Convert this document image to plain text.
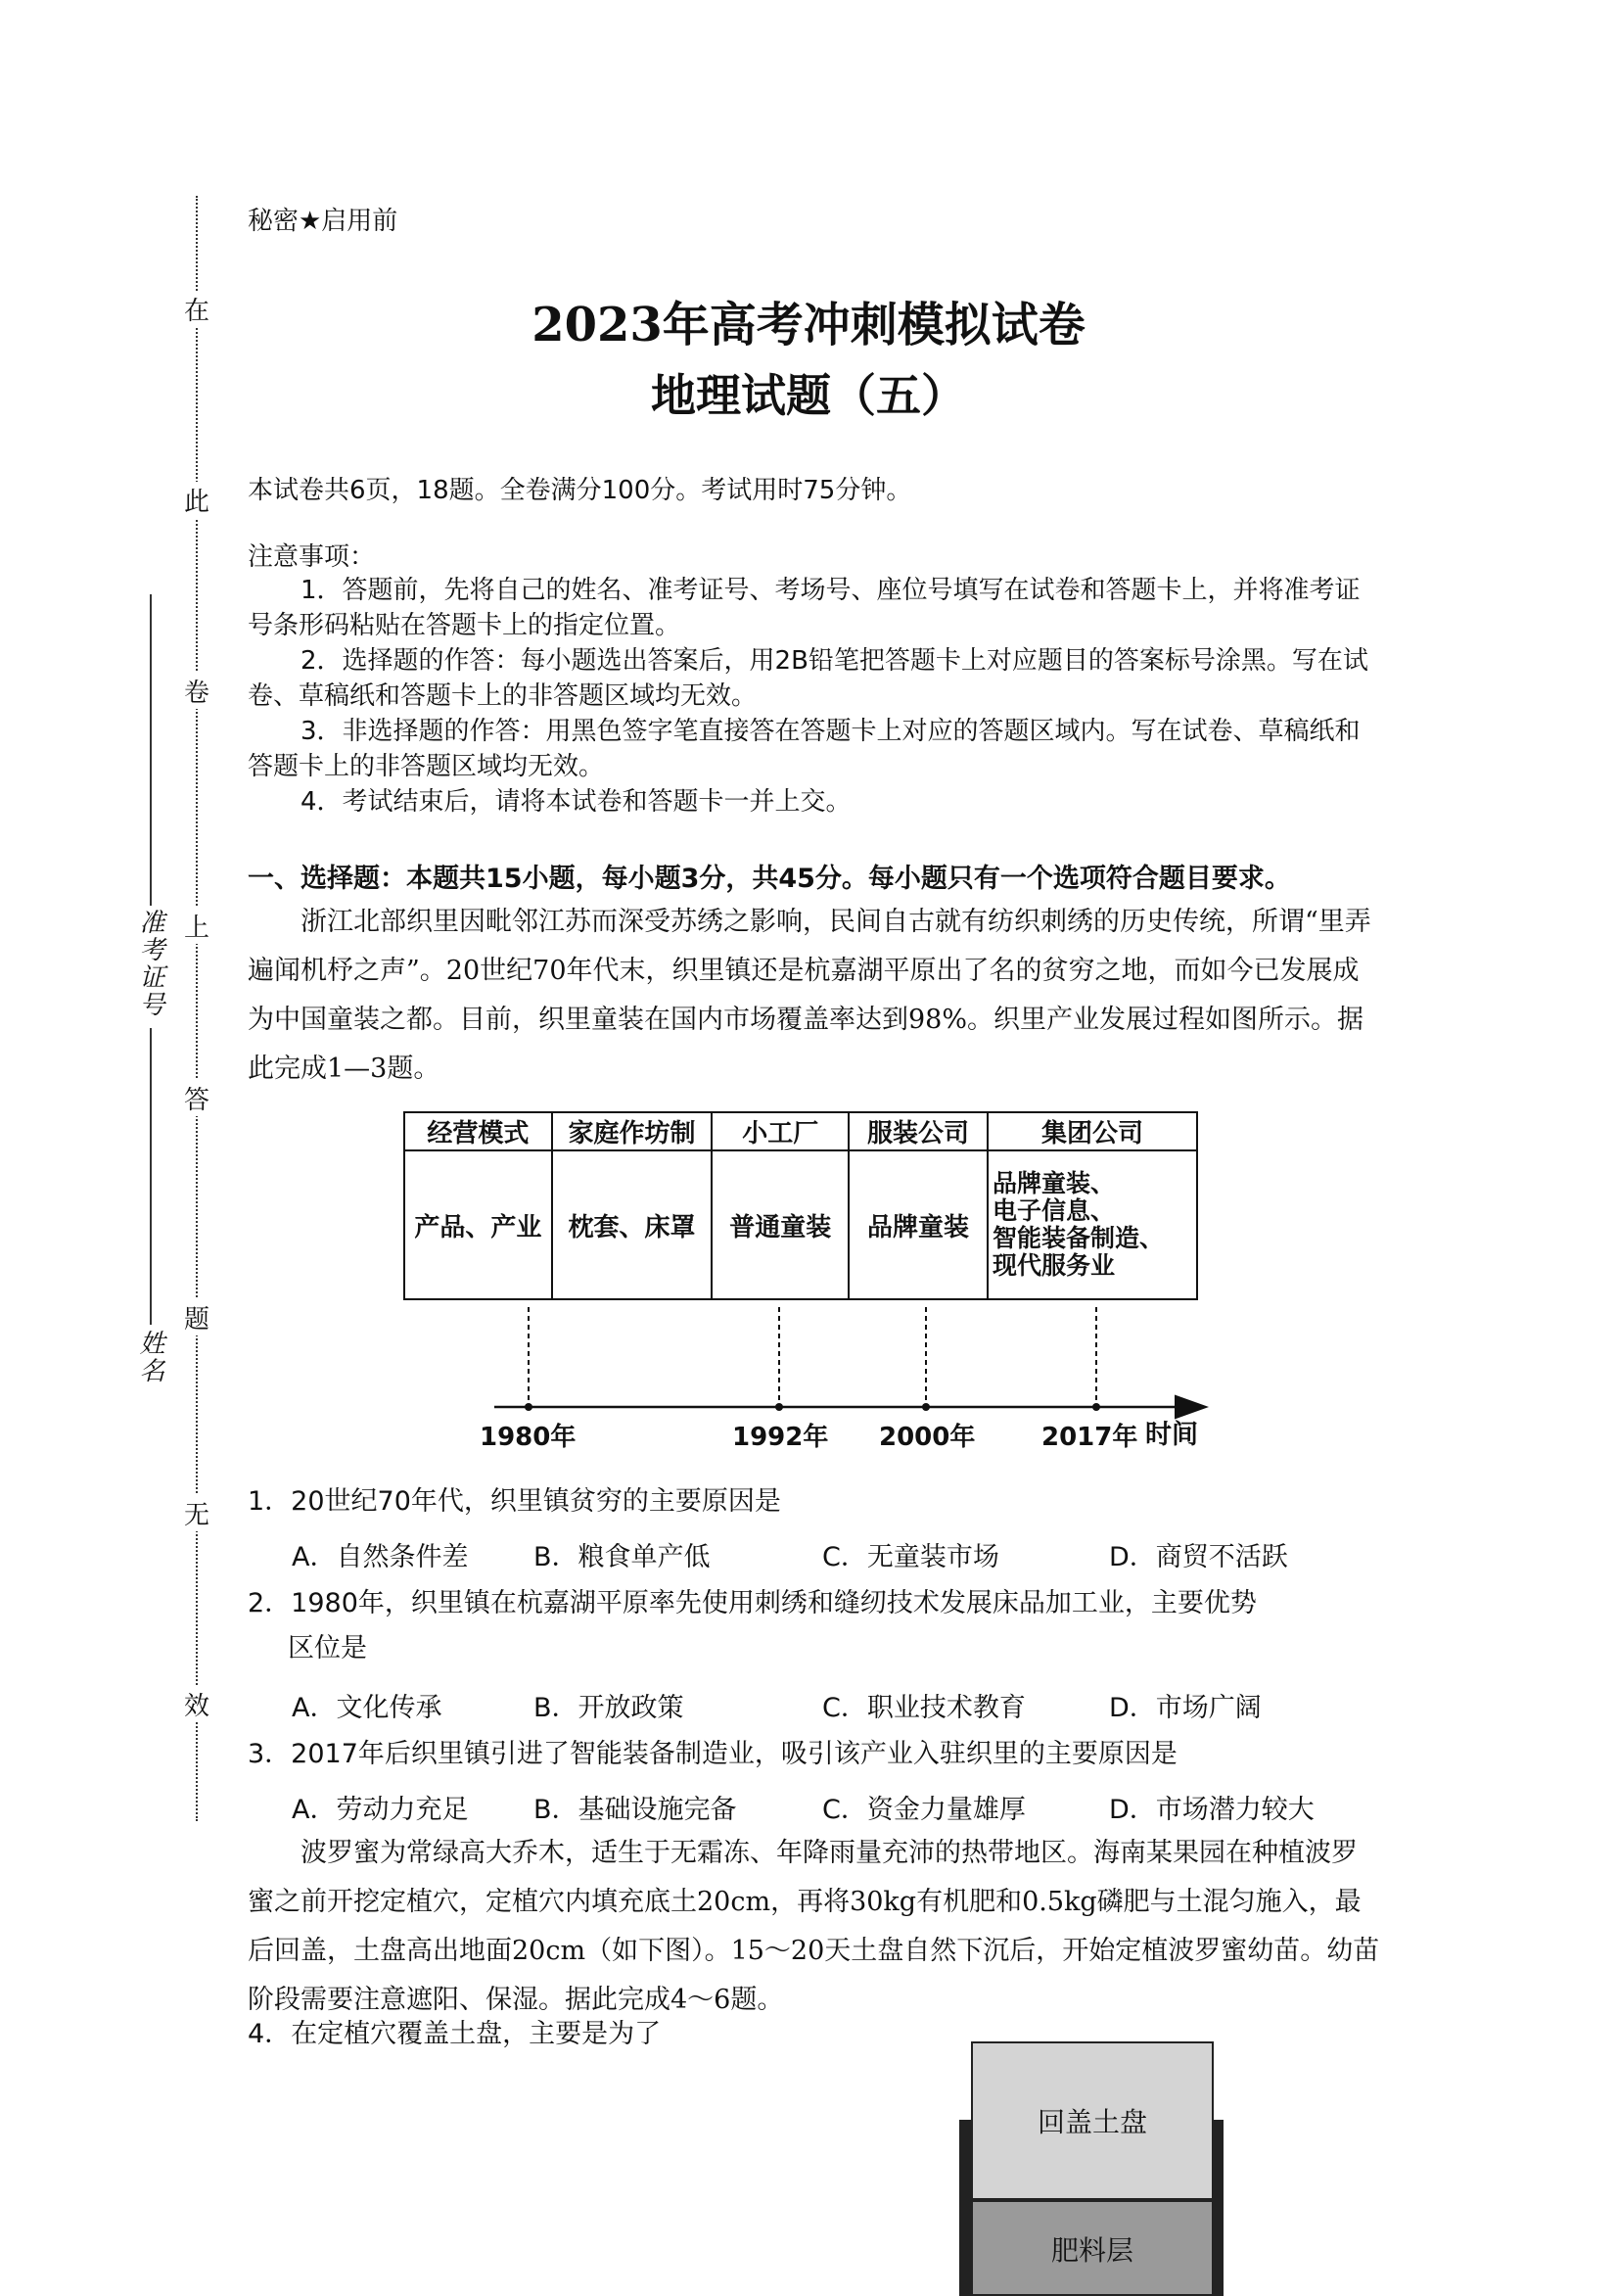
在
此
卷
上
答
题
无
效
准考证号
姓名
秘密★启用前
2023年高考冲刺模拟试卷
地理试题（五）
本试卷共6页，18题。全卷满分100分。考试用时75分钟。
注意事项：

1．答题前，先将自己的姓名、准考证号、考场号、座位号填写在试卷和答题卡上，并将准考证号条形码粘贴在答题卡上的指定位置。

2．选择题的作答：每小题选出答案后，用2B铅笔把答题卡上对应题目的答案标号涂黑。写在试卷、草稿纸和答题卡上的非答题区域均无效。

3．非选择题的作答：用黑色签字笔直接答在答题卡上对应的答题区域内。写在试卷、草稿纸和答题卡上的非答题区域均无效。

4．考试结束后，请将本试卷和答题卡一并上交。

一、选择题：本题共15小题，每小题3分，共45分。每小题只有一个选项符合题目要求。
浙江北部织里因毗邻江苏而深受苏绣之影响，民间自古就有纺织刺绣的历史传统，所谓“里弄遍闻机杼之声”。20世纪70年代末，织里镇还是杭嘉湖平原出了名的贫穷之地，而如今已发展成为中国童装之都。目前，织里童装在国内市场覆盖率达到98%。织里产业发展过程如图所示。据此完成1—3题。
经营模式	家庭作坊制	小工厂	服装公司	集团公司
产品、产业	枕套、床罩	普通童装	品牌童装	品牌童装、
电子信息、
智能装备制造、
现代服务业
1980年	1992年 2000年	2017年 时间
1．20世纪70年代，织里镇贫穷的主要原因是
A．自然条件差 B．粮食单产低	C．无童装市场	D．商贸不活跃
2．1980年，织里镇在杭嘉湖平原率先使用刺绣和缝纫技术发展床品加工业，主要优势
区位是
A．文化传承	B．开放政策	C．职业技术教育	D．市场广阔
3．2017年后织里镇引进了智能装备制造业，吸引该产业入驻织里的主要原因是
A．劳动力充足 B．基础设施完备	C．资金力量雄厚	D．市场潜力较大
波罗蜜为常绿高大乔木，适生于无霜冻、年降雨量充沛的热带地区。海南某果园在种植波罗蜜之前开挖定植穴，定植穴内填充底土20cm，再将30kg有机肥和0.5kg磷肥与土混匀施入，最后回盖，土盘高出地面20cm（如下图）。15～20天土盘自然下沉后，开始定植波罗蜜幼苗。幼苗阶段需要注意遮阳、保湿。据此完成4～6题。
4．在定植穴覆盖土盘，主要是为了
回盖土盘
肥料层
